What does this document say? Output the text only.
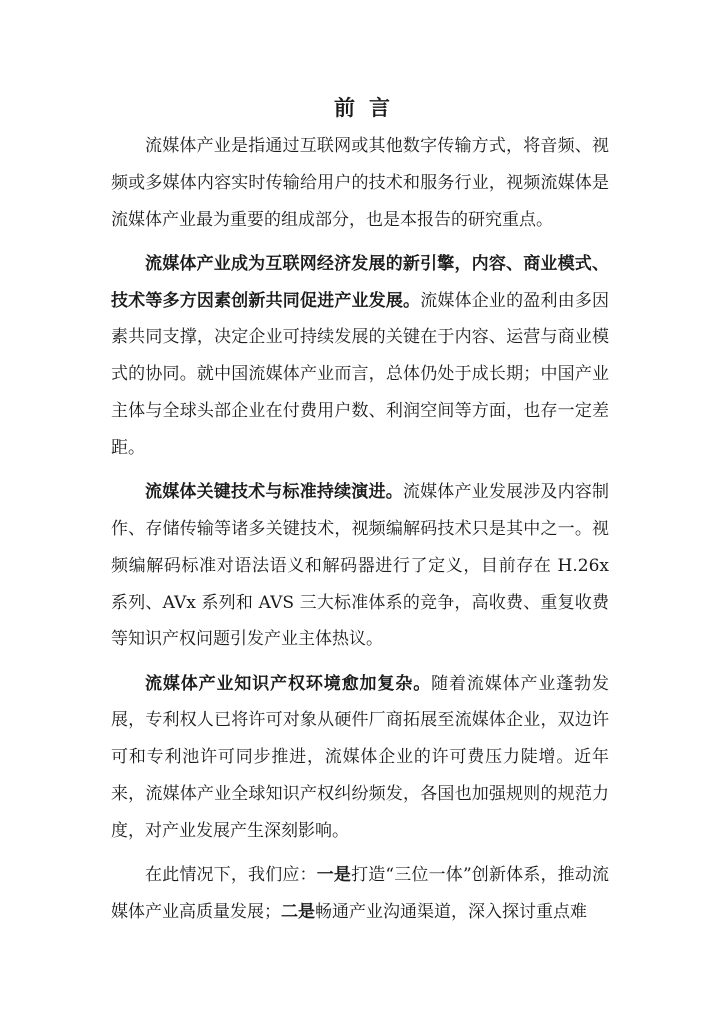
前言

流媒体产业是指通过互联网或其他数字传输方式，将音频、视频或多媒体内容实时传输给用户的技术和服务行业，视频流媒体是流媒体产业最为重要的组成部分，也是本报告的研究重点。

流媒体产业成为互联网经济发展的新引擎，内容、商业模式、技术等多方因素创新共同促进产业发展。流媒体企业的盈利由多因素共同支撑，决定企业可持续发展的关键在于内容、运营与商业模式的协同。就中国流媒体产业而言，总体仍处于成长期；中国产业主体与全球头部企业在付费用户数、利润空间等方面，也存一定差距。

流媒体关键技术与标准持续演进。流媒体产业发展涉及内容制作、存储传输等诸多关键技术，视频编解码技术只是其中之一。视频编解码标准对语法语义和解码器进行了定义，目前存在 H.26x 系列、AVx 系列和 AVS 三大标准体系的竞争，高收费、重复收费等知识产权问题引发产业主体热议。

流媒体产业知识产权环境愈加复杂。随着流媒体产业蓬勃发展，专利权人已将许可对象从硬件厂商拓展至流媒体企业，双边许可和专利池许可同步推进，流媒体企业的许可费压力陡增。近年来，流媒体产业全球知识产权纠纷频发，各国也加强规则的规范力度，对产业发展产生深刻影响。

在此情况下，我们应：一是打造“三位一体”创新体系，推动流媒体产业高质量发展；二是畅通产业沟通渠道，深入探讨重点难
